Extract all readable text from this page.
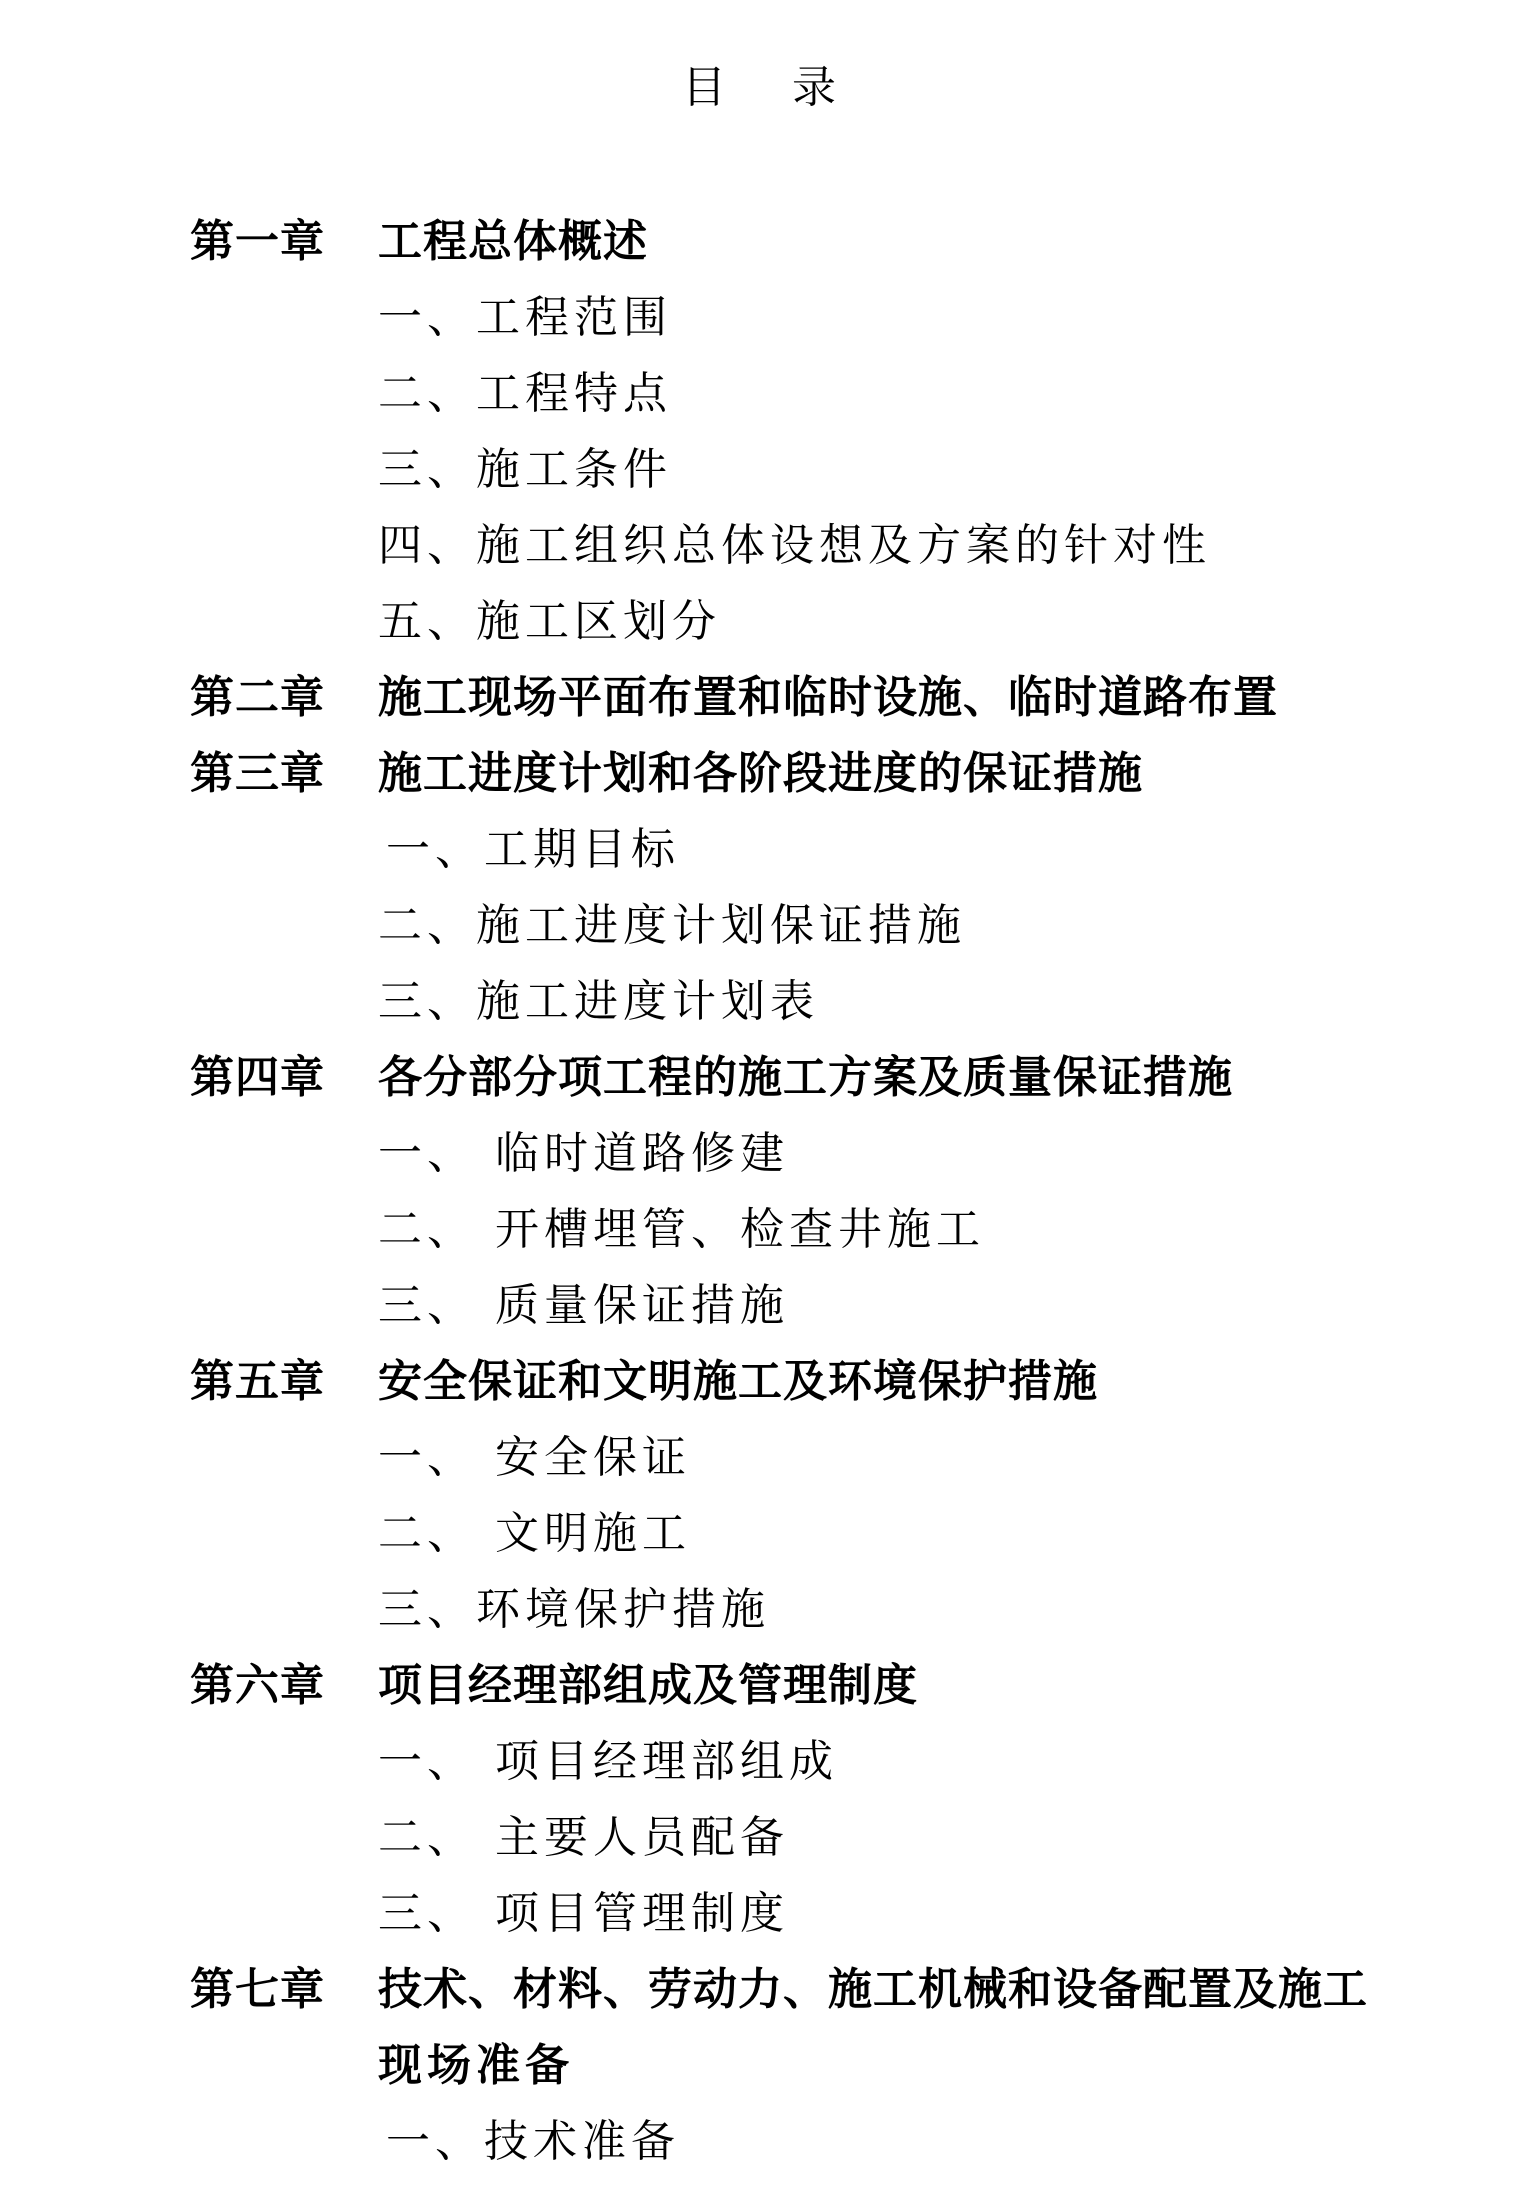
目    录
第一章 工程总体概述
一、工程范围
二、工程特点
三、施工条件
四、施工组织总体设想及方案的针对性
五、施工区划分
第二章 施工现场平面布置和临时设施、临时道路布置
第三章 施工进度计划和各阶段进度的保证措施
一、工期目标
二、施工进度计划保证措施
三、施工进度计划表
第四章 各分部分项工程的施工方案及质量保证措施
一、 临时道路修建
二、 开槽埋管、检查井施工
三、 质量保证措施
第五章 安全保证和文明施工及环境保护措施
一、 安全保证
二、 文明施工
三、环境保护措施
第六章 项目经理部组成及管理制度
一、 项目经理部组成
二、 主要人员配备
三、 项目管理制度
第七章 技术、材料、劳动力、施工机械和设备配置及施工
现场准备
一、技术准备
